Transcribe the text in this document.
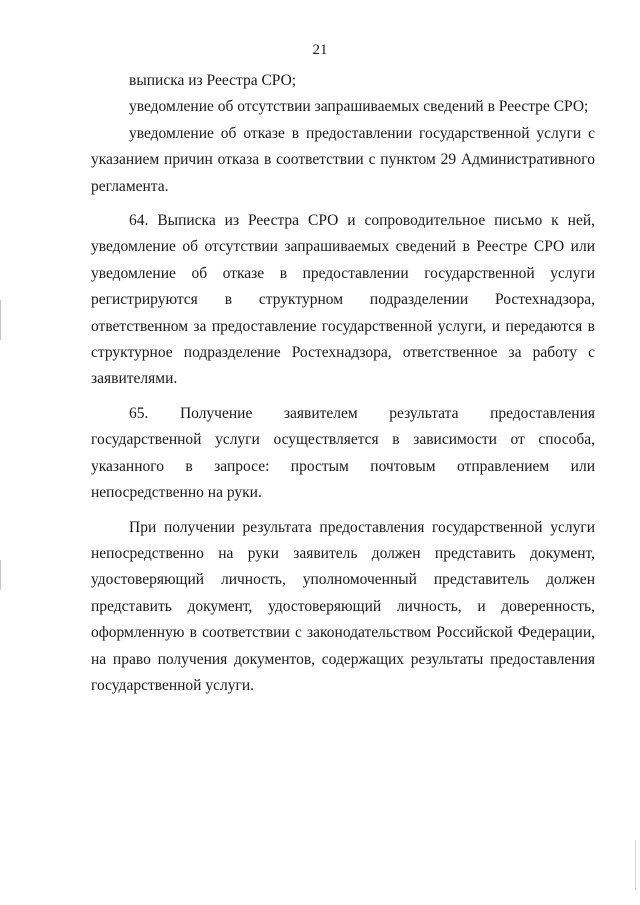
21

выписка из Реестра СРО;

уведомление об отсутствии запрашиваемых сведений в Реестре СРО;

уведомление об отказе в предоставлении государственной услуги с указанием причин отказа в соответствии с пунктом 29 Административного регламента.

64. Выписка из Реестра СРО и сопроводительное письмо к ней, уведомление об отсутствии запрашиваемых сведений в Реестре СРО или уведомление об отказе в предоставлении государственной услуги регистрируются в структурном подразделении Ростехнадзора, ответственном за предоставление государственной услуги, и передаются в структурное подразделение Ростехнадзора, ответственное за работу с заявителями.

65. Получение заявителем результата предоставления государственной услуги осуществляется в зависимости от способа, указанного в запросе: простым почтовым отправлением или непосредственно на руки.

При получении результата предоставления государственной услуги непосредственно на руки заявитель должен представить документ, удостоверяющий личность, уполномоченный представитель должен представить документ, удостоверяющий личность, и доверенность, оформленную в соответствии с законодательством Российской Федерации, на право получения документов, содержащих результаты предоставления государственной услуги.
